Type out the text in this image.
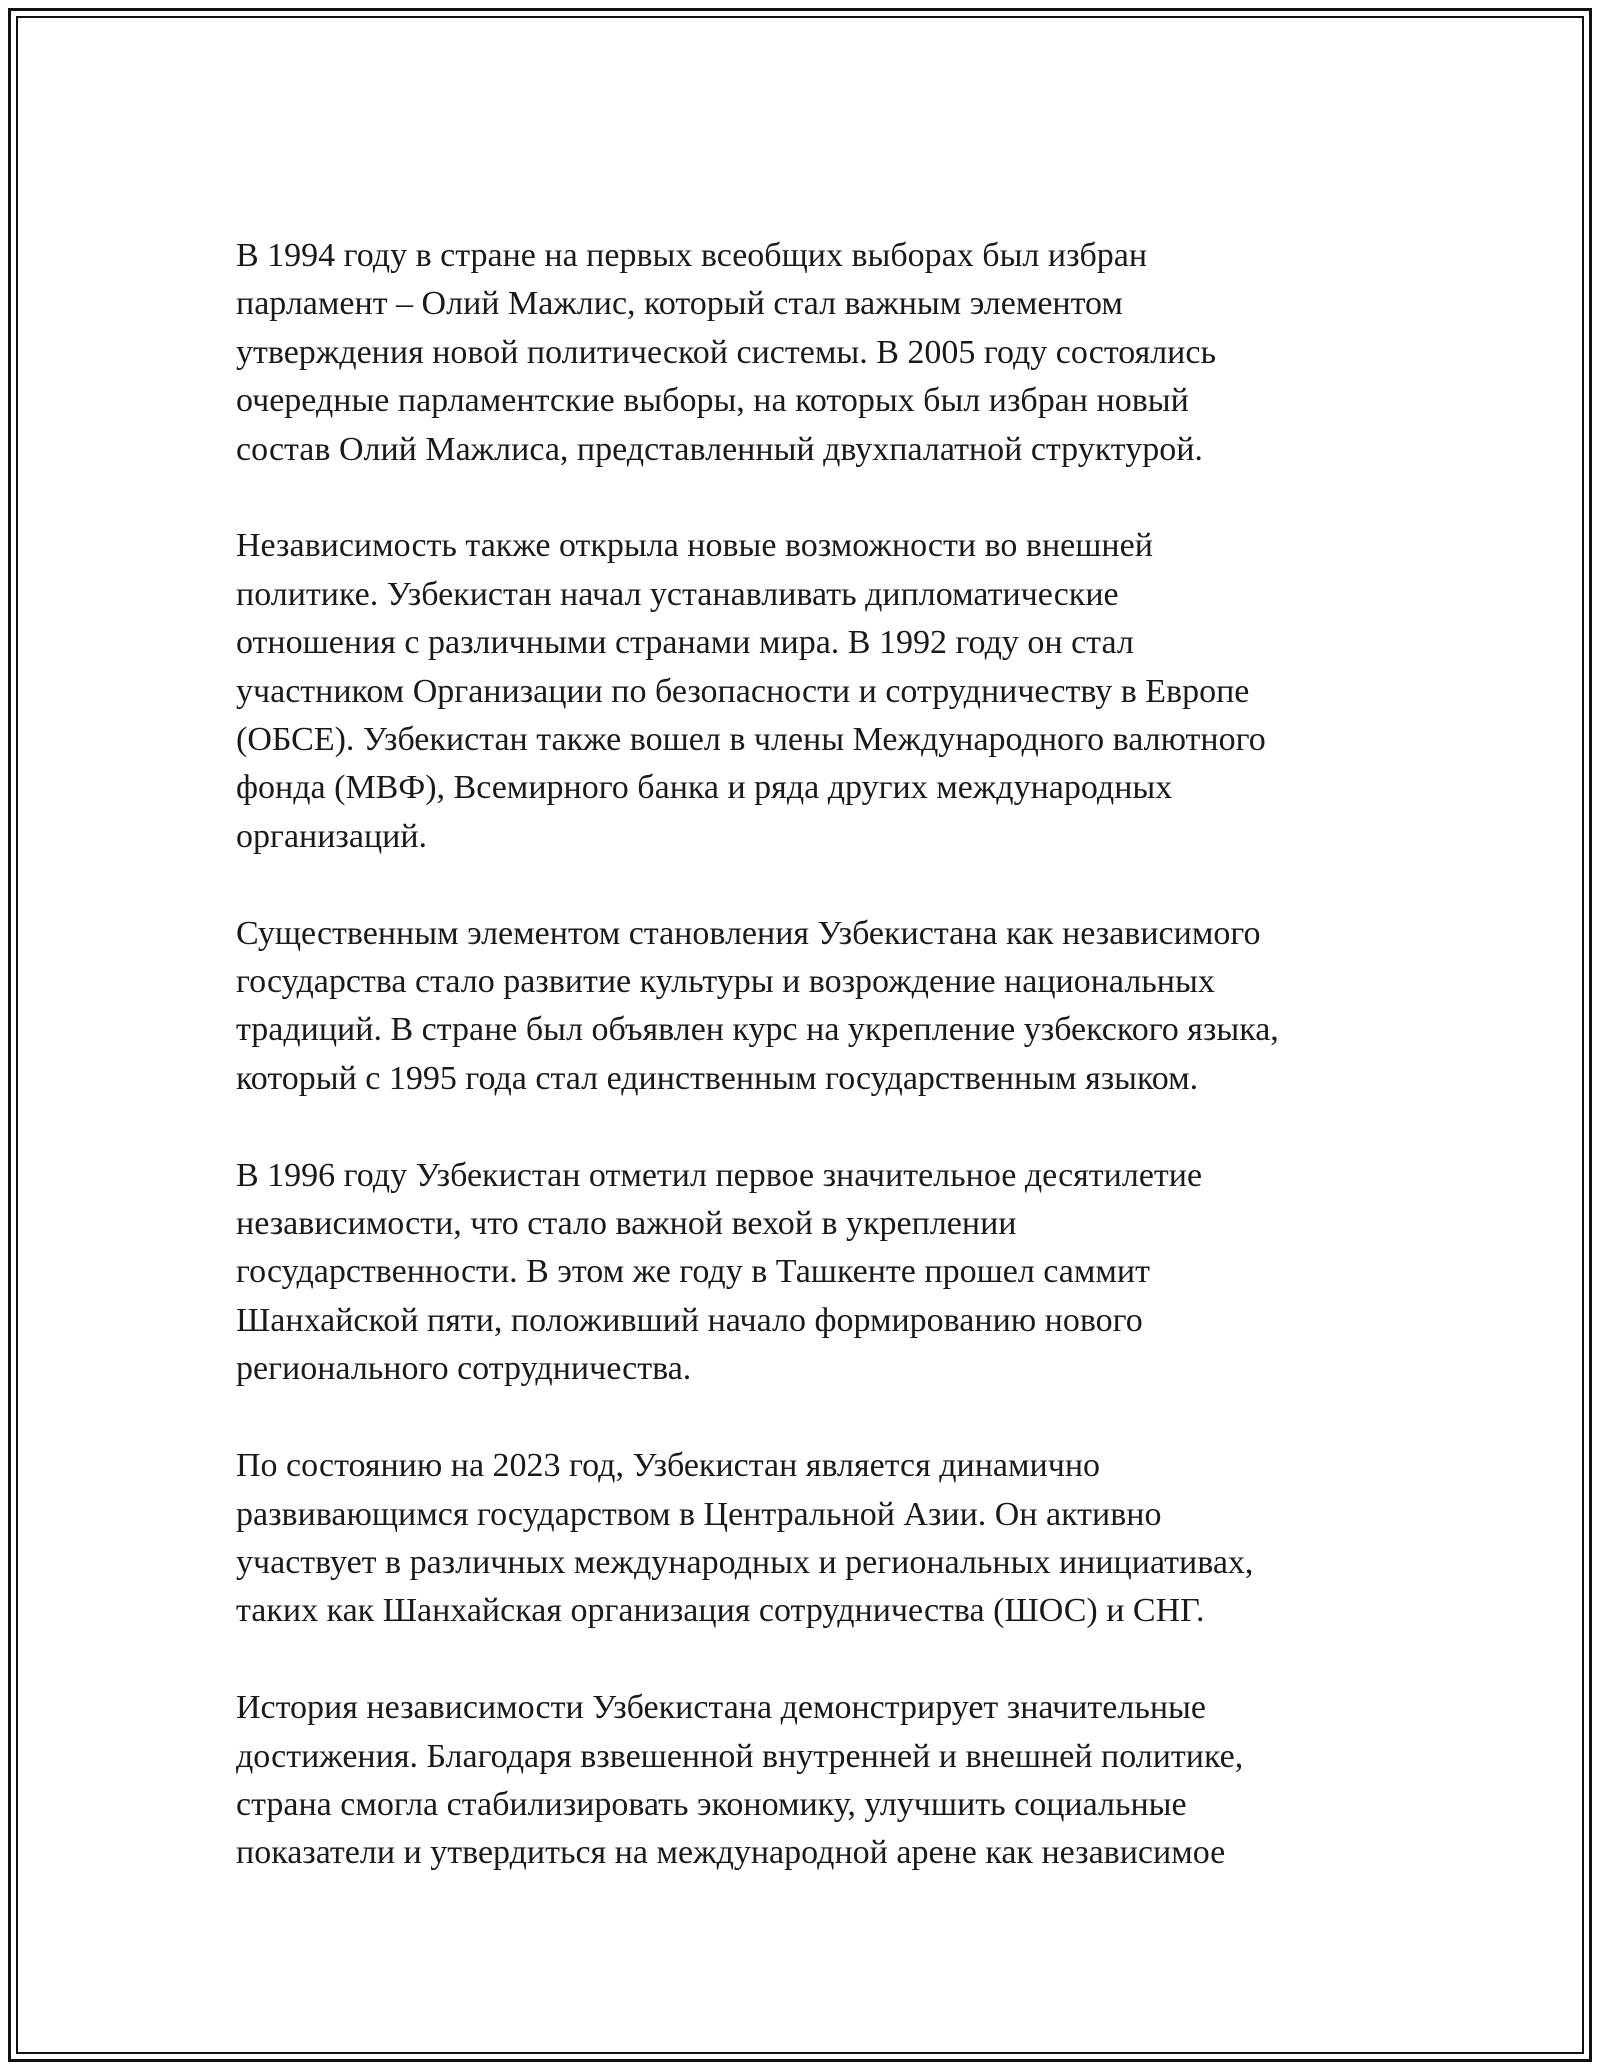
В 1994 году в стране на первых всеобщих выборах был избран
парламент – Олий Мажлис, который стал важным элементом
утверждения новой политической системы. В 2005 году состоялись
очередные парламентские выборы, на которых был избран новый
состав Олий Мажлиса, представленный двухпалатной структурой.

Независимость также открыла новые возможности во внешней
политике. Узбекистан начал устанавливать дипломатические
отношения с различными странами мира. В 1992 году он стал
участником Организации по безопасности и сотрудничеству в Европе
(ОБСЕ). Узбекистан также вошел в члены Международного валютного
фонда (МВФ), Всемирного банка и ряда других международных
организаций.

Существенным элементом становления Узбекистана как независимого
государства стало развитие культуры и возрождение национальных
традиций. В стране был объявлен курс на укрепление узбекского языка,
который с 1995 года стал единственным государственным языком.

В 1996 году Узбекистан отметил первое значительное десятилетие
независимости, что стало важной вехой в укреплении
государственности. В этом же году в Ташкенте прошел саммит
Шанхайской пяти, положивший начало формированию нового
регионального сотрудничества.

По состоянию на 2023 год, Узбекистан является динамично
развивающимся государством в Центральной Азии. Он активно
участвует в различных международных и региональных инициативах,
таких как Шанхайская организация сотрудничества (ШОС) и СНГ.

История независимости Узбекистана демонстрирует значительные
достижения. Благодаря взвешенной внутренней и внешней политике,
страна смогла стабилизировать экономику, улучшить социальные
показатели и утвердиться на международной арене как независимое
